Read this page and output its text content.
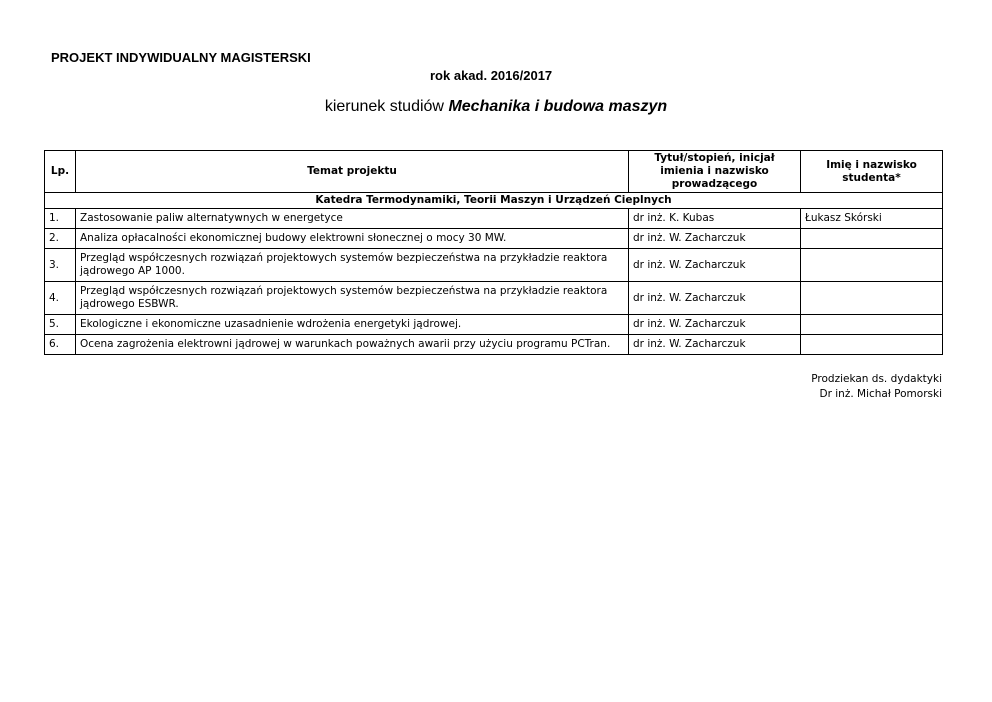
PROJEKT INDYWIDUALNY MAGISTERSKI
rok akad. 2016/2017
kierunek studiów Mechanika i budowa maszyn
Lp.	Temat projektu	Tytuł/stopień, inicjał imienia i nazwisko prowadzącego	Imię i nazwisko studenta*
Katedra Termodynamiki, Teorii Maszyn i Urządzeń Cieplnych			
1.	Zastosowanie paliw alternatywnych w energetyce	dr inż. K. Kubas	Łukasz Skórski
2.	Analiza opłacalności ekonomicznej budowy elektrowni słonecznej o mocy 30 MW.	dr inż. W. Zacharczuk	
3.	Przegląd współczesnych rozwiązań projektowych systemów bezpieczeństwa na przykładzie reaktora jądrowego AP 1000.	dr inż. W. Zacharczuk	
4.	Przegląd współczesnych rozwiązań projektowych systemów bezpieczeństwa na przykładzie reaktora jądrowego ESBWR.	dr inż. W. Zacharczuk	
5.	Ekologiczne i ekonomiczne uzasadnienie wdrożenia energetyki jądrowej.	dr inż. W. Zacharczuk	
6.	Ocena zagrożenia elektrowni jądrowej w warunkach poważnych awarii przy użyciu programu PCTran.	dr inż. W. Zacharczuk	
Prodziekan ds. dydaktyki
Dr inż. Michał Pomorski
